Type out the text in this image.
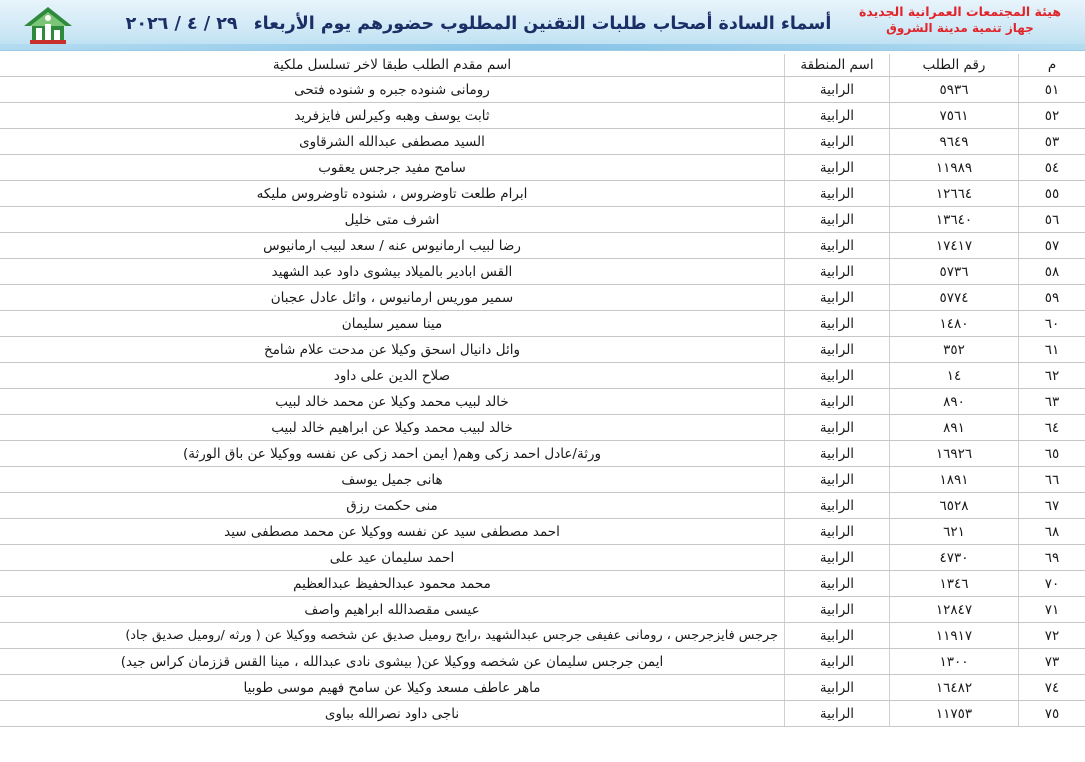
أسماء السادة أصحاب طلبات التقنين المطلوب حضورهم يوم الأربعاء ٢٩ / ٤ / ٢٠٢٦
هيئة المجتمعات العمرانية الجديدة
جهاز تنمية مدينة الشروق
م	رقم الطلب	اسم المنطقة	اسم مقدم الطلب طبقا لاخر تسلسل ملكية
٥١	٥٩٣٦	الرابية	رومانى شنوده جبره و شنوده فتحى
٥٢	٧٥٦١	الرابية	ثابت يوسف وهبه وكيرلس فايزفريد
٥٣	٩٦٤٩	الرابية	السيد مصطفى عبدالله الشرقاوى
٥٤	١١٩٨٩	الرابية	سامح مفيد جرجس يعقوب
٥٥	١٢٦٦٤	الرابية	ابرام طلعت تاوضروس ، شنوده تاوضروس مليكه
٥٦	١٣٦٤٠	الرابية	اشرف متى خليل
٥٧	١٧٤١٧	الرابية	رضا لبيب ارمانيوس عنه / سعد لبيب ارمانيوس
٥٨	٥٧٣٦	الرابية	القس ابادير بالميلاد بيشوى داود عبد الشهيد
٥٩	٥٧٧٤	الرابية	سمير موريس ارمانيوس ، وائل عادل عجبان
٦٠	١٤٨٠	الرابية	مينا سمير سليمان
٦١	٣٥٢	الرابية	وائل دانيال اسحق وكيلا عن مدحت علام شامخ
٦٢	١٤	الرابية	صلاح الدين على داود
٦٣	٨٩٠	الرابية	خالد لبيب محمد وكيلا عن محمد خالد لبيب
٦٤	٨٩١	الرابية	خالد لبيب محمد وكيلا عن ابراهيم خالد لبيب
٦٥	١٦٩٢٦	الرابية	ورثة/عادل احمد زكى وهم( ايمن احمد زكى عن نفسه ووكيلا عن باق الورثة)
٦٦	١٨٩١	الرابية	هانى جميل يوسف
٦٧	٦٥٢٨	الرابية	منى حكمت رزق
٦٨	٦٢١	الرابية	احمد مصطفى سيد عن نفسه ووكيلا عن محمد مصطفى سيد
٦٩	٤٧٣٠	الرابية	احمد سليمان عيد على
٧٠	١٣٤٦	الرابية	محمد محمود عبدالحفيظ عبدالعظيم
٧١	١٢٨٤٧	الرابية	عيسى مقصدالله ابراهيم واصف
٧٢	١١٩١٧	الرابية	جرجس فايزجرجس ، رومانى عفيفى جرجس عبدالشهيد ،رابح روميل صديق عن شخصه ووكيلا عن ( ورثه /روميل صديق جاد)
٧٣	١٣٠٠	الرابية	ايمن جرجس سليمان عن شخصه ووكيلا عن( بيشوى نادى عبدالله ، مينا القس قززمان كراس جيد)
٧٤	١٦٤٨٢	الرابية	ماهر عاطف مسعد وكيلا عن سامح فهيم موسى طوبيا
٧٥	١١٧٥٣	الرابية	ناجى داود نصرالله بباوى
